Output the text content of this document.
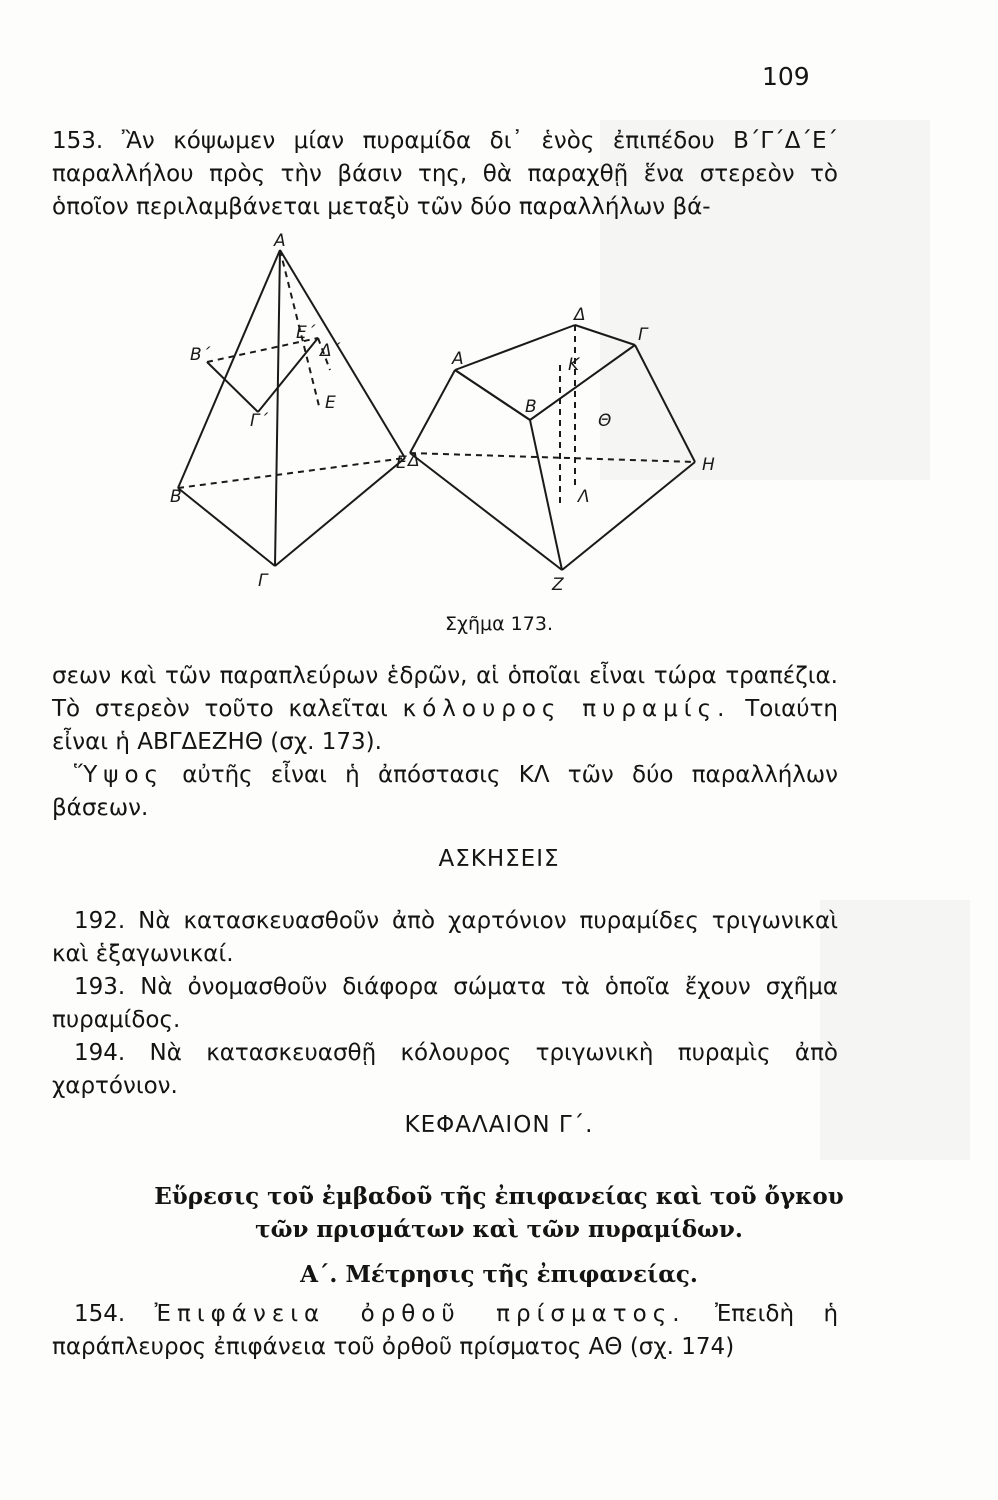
109

153. Ἂν κόψωμεν μίαν πυραμίδα δι᾽ ἑνὸς ἐπιπέδου Β΄Γ΄Δ΄Ε΄ παραλλήλου πρὸς τὴν βάσιν της, θὰ παραχθῇ ἕνα στερεὸν τὸ ὁποῖον περιλαμβάνεται μεταξὺ τῶν δύο παραλλήλων βά-

Α
Β΄
Ε΄
Δ΄
Γ΄
Ε
Β
Γ
Δ
Α	Κ
Δ
Γ
Β
Θ
Η
Λ
Ε
Ζ
Σχῆμα 173.

σεων καὶ τῶν παραπλεύρων ἑδρῶν, αἱ ὁποῖαι εἶναι τώρα τραπέζια. Τὸ στερεὸν τοῦτο καλεῖται κόλουρος πυραμίς. Τοιαύτη εἶναι ἡ ΑΒΓΔΕΖΗΘ (σχ. 173).

Ὕψος αὐτῆς εἶναι ἡ ἀπόστασις ΚΛ τῶν δύο παραλλήλων βάσεων.

ΑΣΚΗΣΕΙΣ

192. Νὰ κατασκευασθοῦν ἀπὸ χαρτόνιον πυραμίδες τριγωνικαὶ καὶ ἑξαγωνικαί.

193. Νὰ ὀνομασθοῦν διάφορα σώματα τὰ ὁποῖα ἔχουν σχῆμα πυραμίδος.

194. Νὰ κατασκευασθῇ κόλουρος τριγωνικὴ πυραμὶς ἀπὸ χαρτόνιον.

ΚΕΦΑΛΑΙΟΝ Γ΄.
Εὕρεσις τοῦ ἐμβαδοῦ τῆς ἐπιφανείας καὶ τοῦ ὄγκου
τῶν πρισμάτων καὶ τῶν πυραμίδων.
Α΄. Μέτρησις τῆς ἐπιφανείας.

154. Ἐπιφάνεια ὀρθοῦ πρίσματος. Ἐπειδὴ ἡ παράπλευρος ἐπιφάνεια τοῦ ὀρθοῦ πρίσματος ΑΘ (σχ. 174)
